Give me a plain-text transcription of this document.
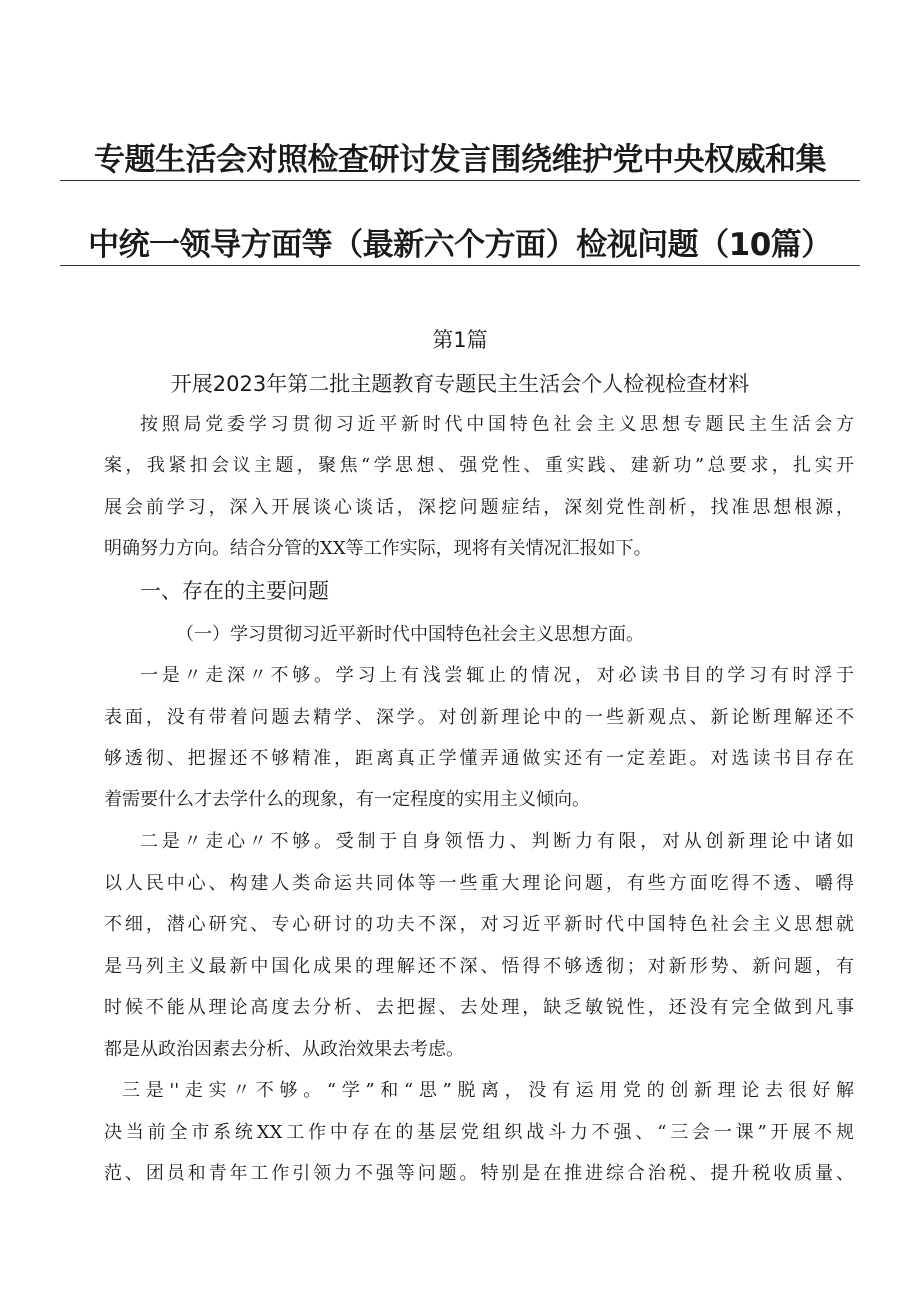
专题生活会对照检查研讨发言围绕维护党中央权威和集
中统一领导方面等（最新六个方面）检视问题（10篇）
第1篇
开展2023年第二批主题教育专题民主生活会个人检视检查材料
按照局党委学习贯彻习近平新时代中国特色社会主义思想专题民主生活会方
案，我紧扣会议主题，聚焦“学思想、强党性、重实践、建新功”总要求，扎实开
展会前学习，深入开展谈心谈话，深挖问题症结，深刻党性剖析，找准思想根源，
明确努力方向。结合分管的XX等工作实际，现将有关情况汇报如下。
一、存在的主要问题
（一）学习贯彻习近平新时代中国特色社会主义思想方面。
一是〃走深〃不够。学习上有浅尝辄止的情况，对必读书目的学习有时浮于
表面，没有带着问题去精学、深学。对创新理论中的一些新观点、新论断理解还不
够透彻、把握还不够精准，距离真正学懂弄通做实还有一定差距。对选读书目存在
着需要什么才去学什么的现象，有一定程度的实用主义倾向。
二是〃走心〃不够。受制于自身领悟力、判断力有限，对从创新理论中诸如
以人民中心、构建人类命运共同体等一些重大理论问题，有些方面吃得不透、嚼得
不细，潜心研究、专心研讨的功夫不深，对习近平新时代中国特色社会主义思想就
是马列主义最新中国化成果的理解还不深、悟得不够透彻；对新形势、新问题，有
时候不能从理论高度去分析、去把握、去处理，缺乏敏锐性，还没有完全做到凡事
都是从政治因素去分析、从政治效果去考虑。
三是''走实〃不够。“学”和“思”脱离，没有运用党的创新理论去很好解
决当前全市系统XX工作中存在的基层党组织战斗力不强、“三会一课”开展不规
范、团员和青年工作引领力不强等问题。特别是在推进综合治税、提升税收质量、
